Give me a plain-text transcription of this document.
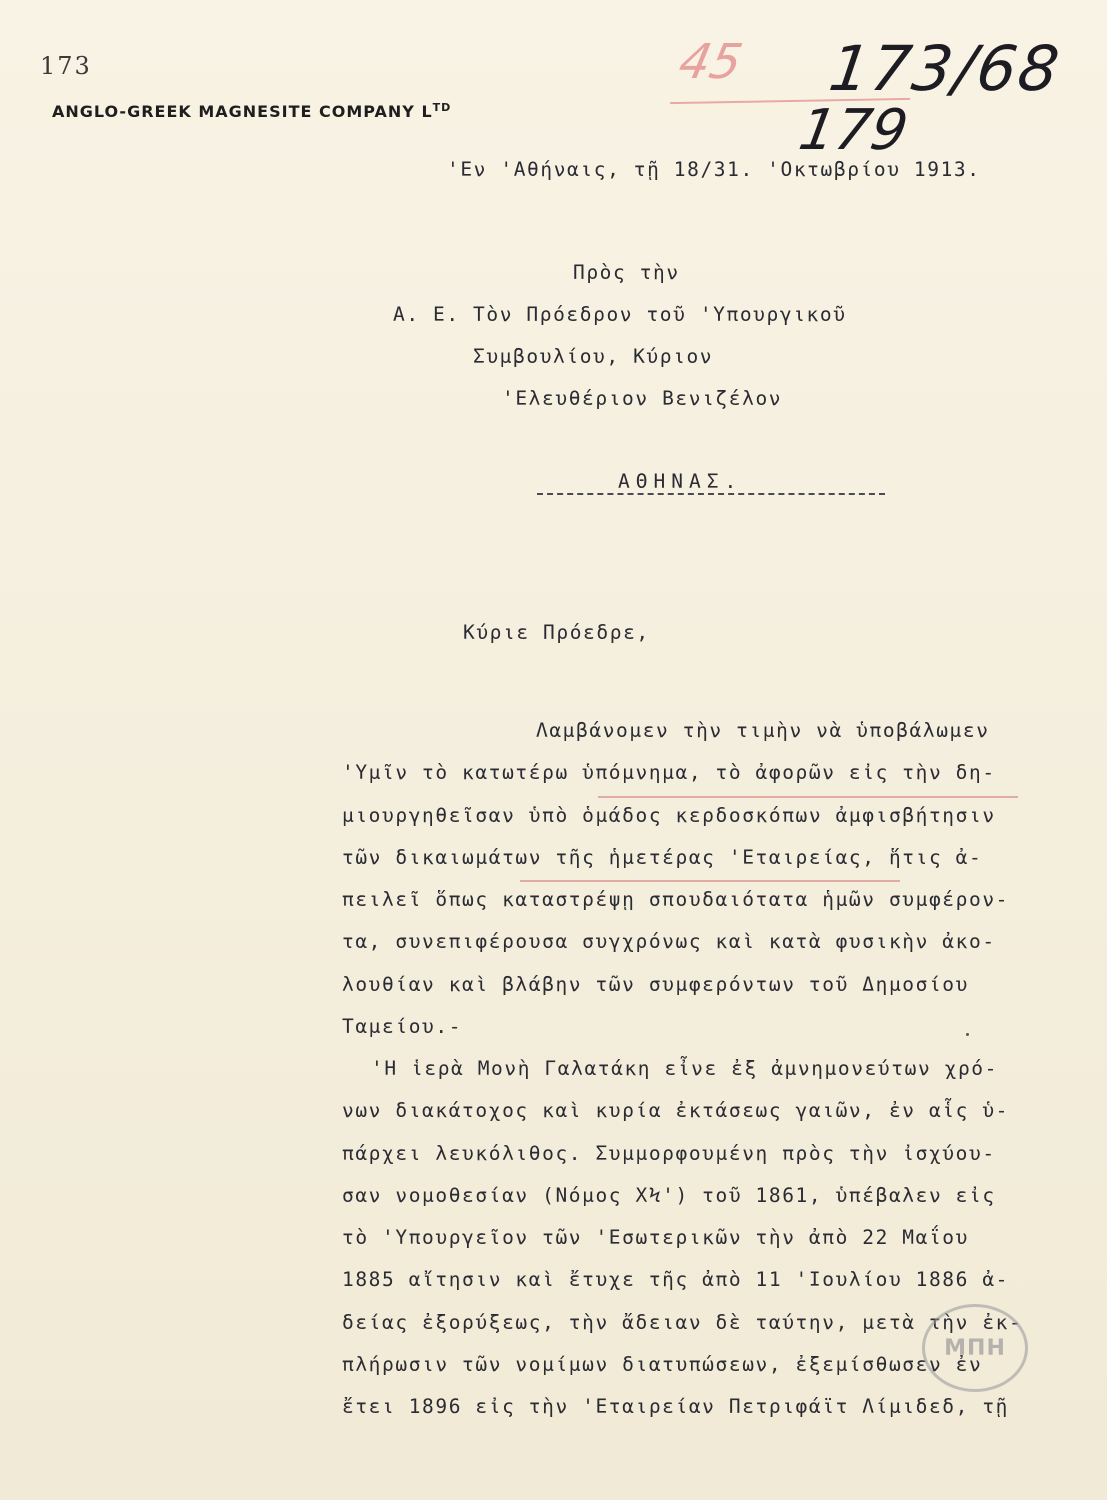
173
ANGLO-GREEK MAGNESITE COMPANY $L^{TD}$
45 173/68
179
'Εν 'Αθήναις, τῇ 18/31. 'Οκτωβρίου 1913.
Πρὸς τὴν
Α. Ε. Τὸν Πρόεδρον τοῦ 'Υπουργικοῦ
Συμβουλίου, Κύριον
'Ελευθέριον Βενιζέλον
ΑΘΗΝΑΣ.
Κύριε Πρόεδρε,
Λαμβάνομεν τὴν τιμὴν νὰ ὑποβάλωμεν
'Υμῖν τὸ κατωτέρω ὑπόμνημα, τὸ ἀφορῶν εἰς τὴν δη-
μιουργηθεῖσαν ὑπὸ ὁμάδος κερδοσκόπων ἀμφισβήτησιν
τῶν δικαιωμάτων τῆς ἡμετέρας 'Εταιρείας, ἥτις ἀ-
πειλεῖ ὅπως καταστρέψῃ σπουδαιότατα ἡμῶν συμφέρον-
τα, συνεπιφέρουσα συγχρόνως καὶ κατὰ φυσικὴν ἀκο-
λουθίαν καὶ βλάβην τῶν συμφερόντων τοῦ Δημοσίου
Ταμείου.-
'Η ἱερὰ Μονὴ Γαλατάκη εἶνε ἐξ ἀμνημονεύτων χρό-
νων διακάτοχος καὶ κυρία ἐκτάσεως γαιῶν, ἐν αἷς ὑ-
πάρχει λευκόλιθος. Συμμορφουμένη πρὸς τὴν ἰσχύου-
σαν νομοθεσίαν (Νόμος ΧϞ') τοῦ 1861, ὑπέβαλεν εἰς
τὸ 'Υπουργεῖον τῶν 'Εσωτερικῶν τὴν ἀπὸ 22 Μαΐου
1885 αἴτησιν καὶ ἔτυχε τῆς ἀπὸ 11 'Ιουλίου 1886 ἀ-
δείας ἐξορύξεως, τὴν ἄδειαν δὲ ταύτην, μετὰ τὴν ἐκ-
πλήρωσιν τῶν νομίμων διατυπώσεων, ἐξεμίσθωσεν ἐν
ἔτει 1896 εἰς τὴν 'Εταιρείαν Πετριφάϊτ Λίμιδεδ, τῇ
ΜΠΗ
